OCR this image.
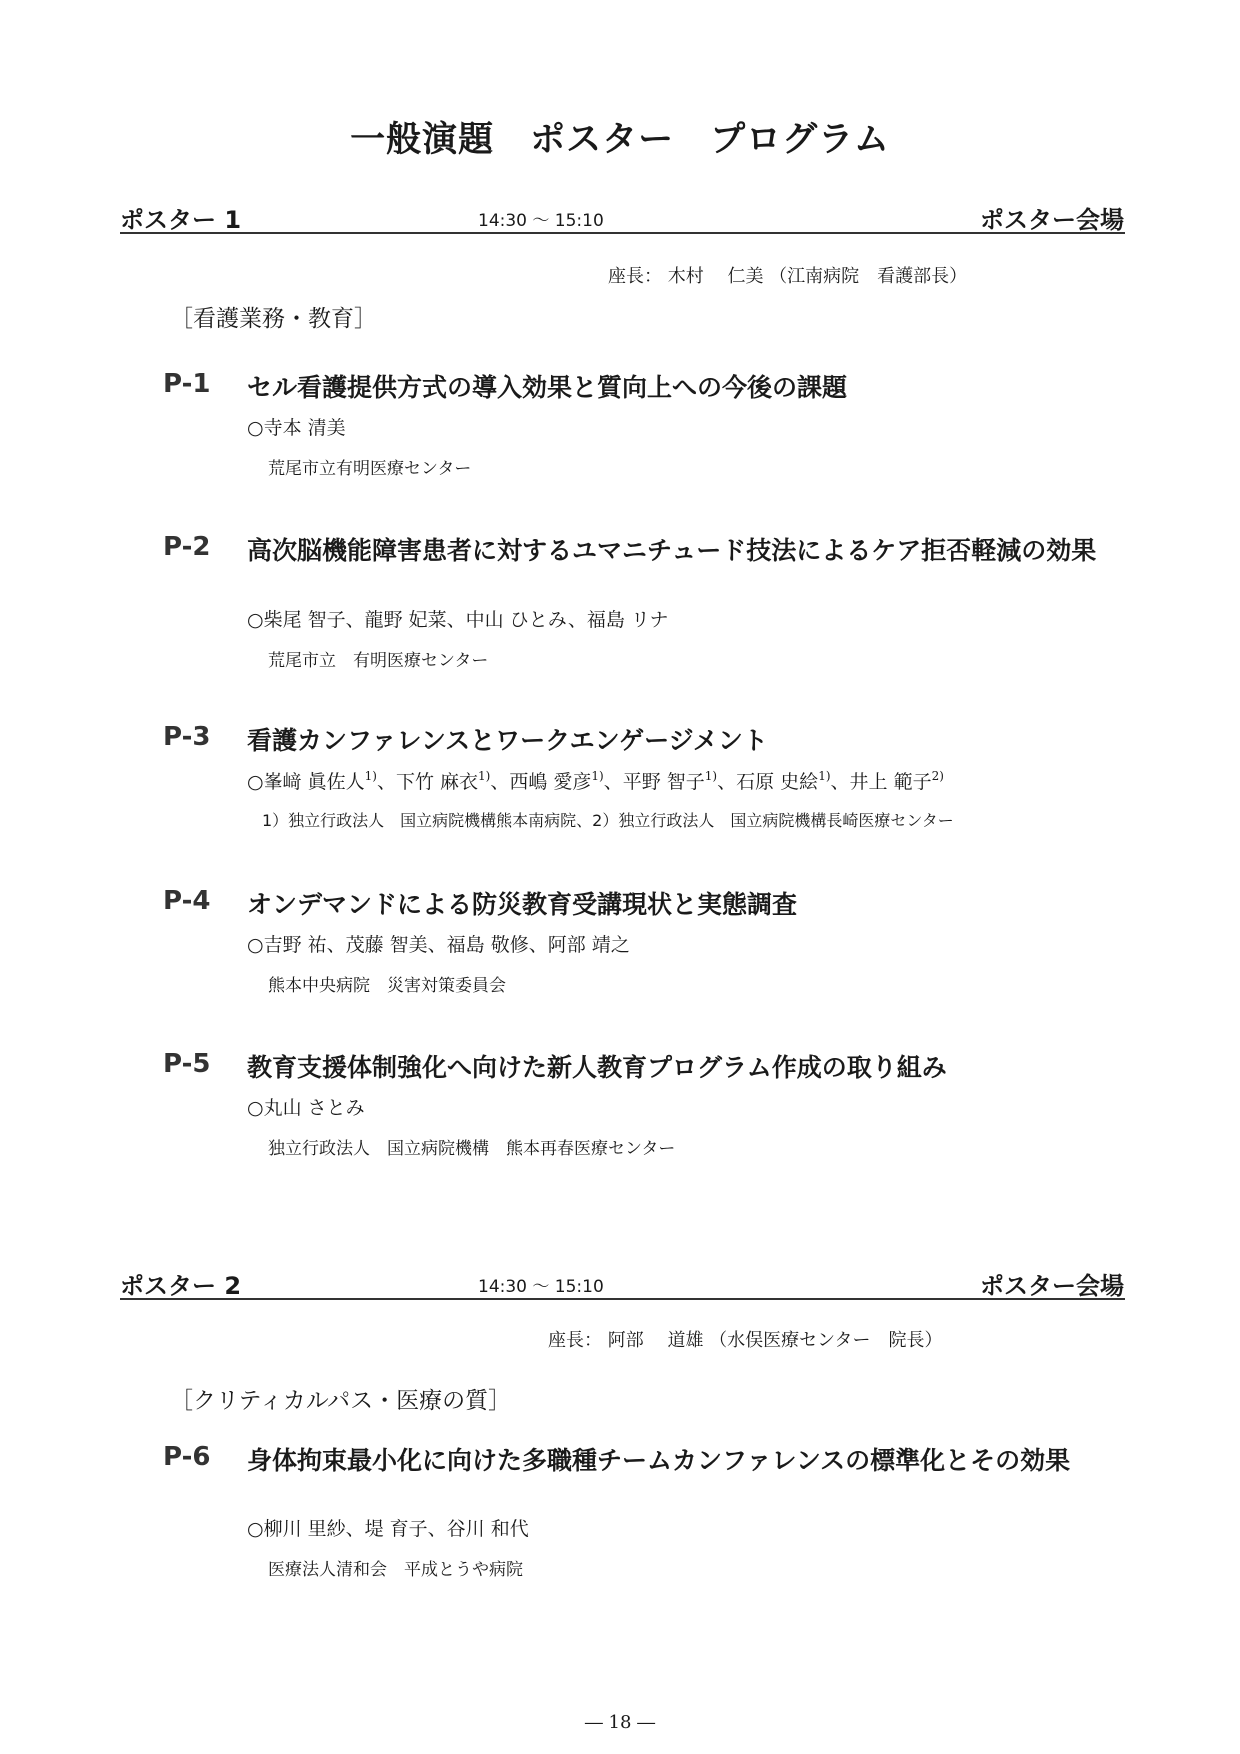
一般演題　ポスター　プログラム
ポスター 1	14:30 ～ 15:10	ポスター会場
座長： 木村　 仁美 （江南病院　看護部長）
［看護業務・教育］
P-1 セル看護提供方式の導入効果と質向上への今後の課題
○寺本 清美
荒尾市立有明医療センター
P-2 高次脳機能障害患者に対するユマニチュード技法によるケア拒否軽減の効果
○柴尾 智子、龍野 妃菜、中山 ひとみ、福島 リナ
荒尾市立　有明医療センター
P-3 看護カンファレンスとワークエンゲージメント
○峯﨑 眞佐人$^{1)}$、下竹 麻衣$^{1)}$、西嶋 愛彦$^{1)}$、平野 智子$^{1)}$、石原 史絵$^{1)}$、井上 範子$^{2)}$
1）独立行政法人　国立病院機構熊本南病院、2）独立行政法人　国立病院機構長崎医療センター
P-4 オンデマンドによる防災教育受講現状と実態調査
○吉野 祐、茂藤 智美、福島 敬修、阿部 靖之
熊本中央病院　災害対策委員会
P-5 教育支援体制強化へ向けた新人教育プログラム作成の取り組み
○丸山 さとみ
独立行政法人　国立病院機構　熊本再春医療センター
ポスター 2	14:30 ～ 15:10	ポスター会場
座長： 阿部　 道雄 （水俣医療センター　院長）
［クリティカルパス・医療の質］
P-6 身体拘束最小化に向けた多職種チームカンファレンスの標準化とその効果
○柳川 里紗、堤 育子、谷川 和代
医療法人清和会　平成とうや病院
― 18 ―
